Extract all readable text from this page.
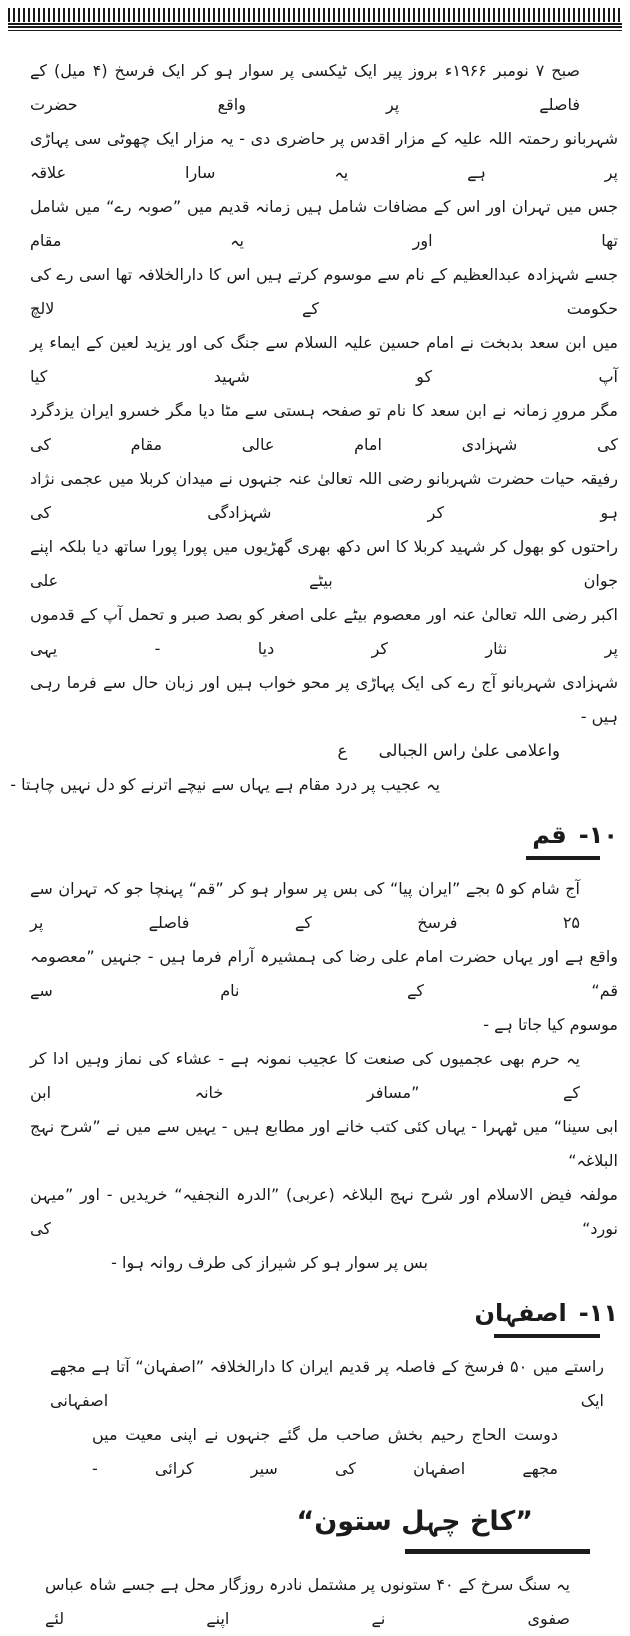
صبح ۷ نومبر ۱۹۶۶ء بروز پیر ایک ٹیکسی پر سوار ہو کر ایک فرسخ (۴ میل) کے فاصلے پر واقع حضرت
شہربانو رحمتہ اللہ علیہ کے مزار اقدس پر حاضری دی - یہ مزار ایک چھوٹی سی پہاڑی پر ہے یہ سارا علاقہ
جس میں تہران اور اس کے مضافات شامل ہیں زمانہ قدیم میں ”صوبہ رے“ میں شامل تھا اور یہ مقام
جسے شہزادہ عبدالعظیم کے نام سے موسوم کرتے ہیں اس کا دارالخلافہ تھا اسی رے کی حکومت کے لالچ
میں ابن سعد بدبخت نے امام حسین علیہ السلام سے جنگ کی اور یزید لعین کے ایماء پر آپ کو شہید کیا
مگر مرورِ زمانہ نے ابن سعد کا نام تو صفحہ ہستی سے مٹا دیا مگر خسرو ایران یزدگرد کی شہزادی امام عالی مقام کی
رفیقہ حیات حضرت شہربانو رضی اللہ تعالیٰ عنہ جنہوں نے میدان کربلا میں عجمی نژاد ہو کر شہزادگی کی
راحتوں کو بھول کر شہید کربلا کا اس دکھ بھری گھڑیوں میں پورا پورا ساتھ دیا بلکہ اپنے جوان بیٹے علی
اکبر رضی اللہ تعالیٰ عنہ اور معصوم بیٹے علی اصغر کو بصد صبر و تحمل آپ کے قدموں پر نثار کر دیا - یہی
شہزادی شہربانو آج رے کی ایک پہاڑی پر محو خواب ہیں اور زبان حال سے فرما رہی ہیں -
واعلامی علیٰ راس الجبالی ع
یہ عجیب پر درد مقام ہے یہاں سے نیچے اترنے کو دل نہیں چاہتا -
۱۰-قم
آج شام کو ۵ بجے ”ایران پیا“ کی بس پر سوار ہو کر ”قم“ پہنچا جو کہ تہران سے ۲۵ فرسخ کے فاصلے پر
واقع ہے اور یہاں حضرت امام علی رضا کی ہمشیرہ آرام فرما ہیں - جنہیں ”معصومہ قم“ کے نام سے
موسوم کیا جاتا ہے -
یہ حرم بھی عجمیوں کی صنعت کا عجیب نمونہ ہے - عشاء کی نماز وہیں ادا کر کے ”مسافر خانہ ابن
ابی سینا“ میں ٹھہرا - یہاں کئی کتب خانے اور مطابع ہیں - یہیں سے میں نے ”شرح نہج البلاغہ“
مولفہ فیض الاسلام اور شرح نہج البلاغہ (عربی) ”الدرہ النجفیہ“ خریدیں - اور ”میہن نورد“ کی
بس پر سوار ہو کر شیراز کی طرف روانہ ہوا -
۱۱-اصفہان
راستے میں ۵۰ فرسخ کے فاصلہ پر قدیم ایران کا دارالخلافہ ”اصفہان“ آتا ہے مجھے ایک اصفہانی
دوست الحاج رحیم بخش صاحب مل گئے جنہوں نے اپنی معیت میں مجھے اصفہان کی سیر کرائی -
”کاخ چہل ستون“
یہ سنگ سرخ کے ۴۰ ستونوں پر مشتمل نادرہ روزگار محل ہے جسے شاہ عباس صفوی نے اپنے لئے
